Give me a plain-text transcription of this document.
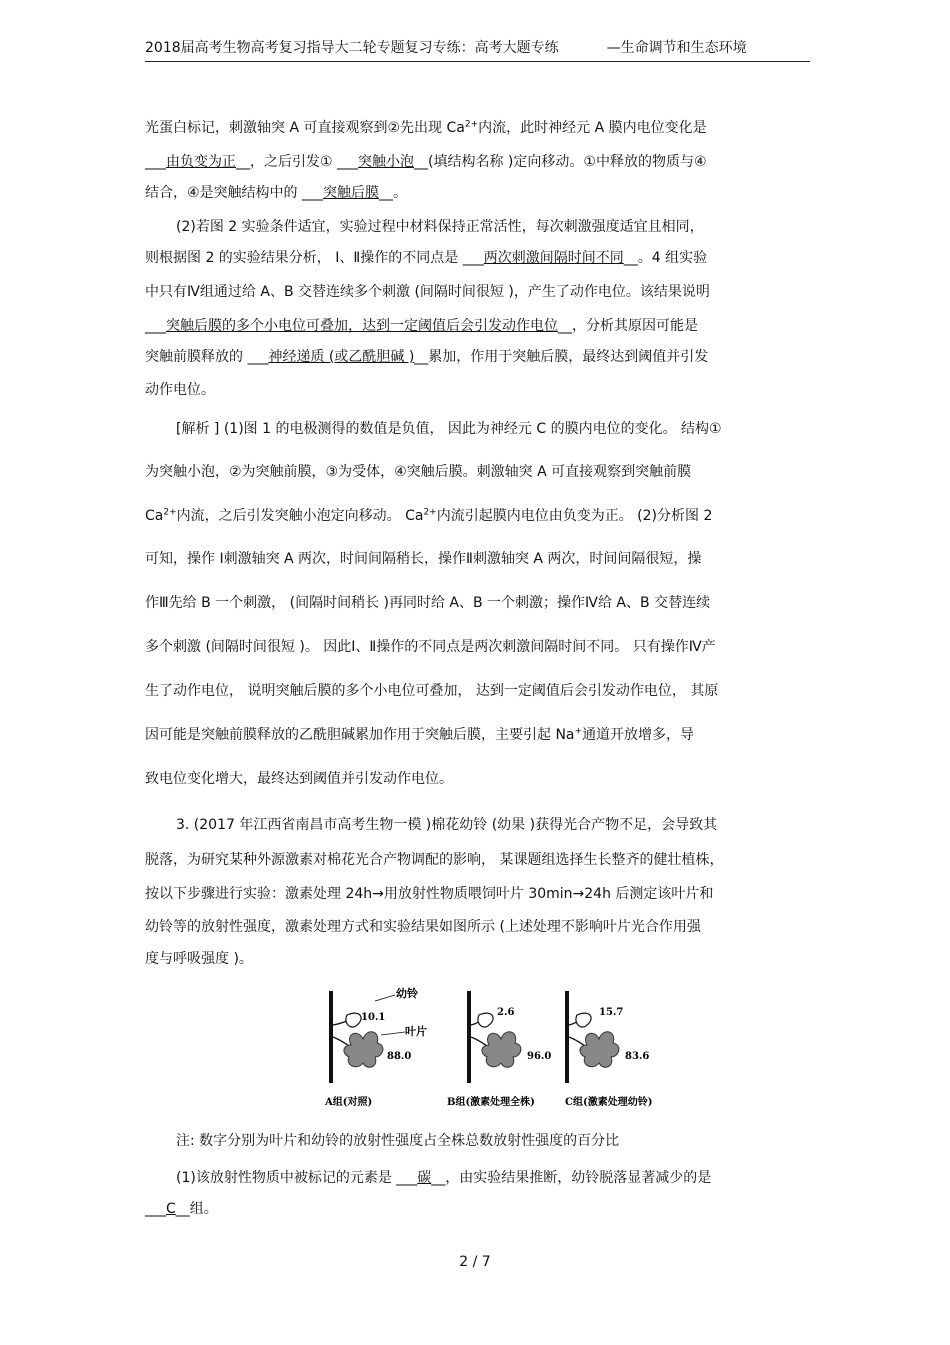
2018届高考生物高考复习指导大二轮专题复习专练：高考大题专练	—生命调节和生态环境
光蛋白标记，刺激轴突 A 可直接观察到②先出现 $Ca^{2+}$内流，此时神经元 A 膜内电位变化是
___由负变为正__，之后引发① ___突触小泡__(填结构名称 )定向移动。①中释放的物质与④
结合，④是突触结构中的 ___突触后膜__。
(2)若图 2 实验条件适宜，实验过程中材料保持正常活性，每次刺激强度适宜且相同，
则根据图 2 的实验结果分析， Ⅰ、Ⅱ操作的不同点是 ___两次刺激间隔时间不同__。4 组实验
中只有Ⅳ组通过给 A、B 交替连续多个刺激 (间隔时间很短 )，产生了动作电位。该结果说明
___突触后膜的多个小电位可叠加，达到一定阈值后会引发动作电位__，分析其原因可能是
突触前膜释放的 ___神经递质 (或乙酰胆碱 )__累加，作用于突触后膜，最终达到阈值并引发
动作电位。
[解析 ] (1)图 1 的电极测得的数值是负值， 因此为神经元 C 的膜内电位的变化。 结构①
为突触小泡，②为突触前膜，③为受体，④突触后膜。刺激轴突 A 可直接观察到突触前膜
$Ca^{2+}$内流，之后引发突触小泡定向移动。 $Ca^{2+}$内流引起膜内电位由负变为正。 (2)分析图 2
可知，操作 Ⅰ刺激轴突 A 两次，时间间隔稍长，操作Ⅱ刺激轴突 A 两次，时间间隔很短，操
作Ⅲ先给 B 一个刺激， (间隔时间稍长 )再同时给 A、B 一个刺激；操作Ⅳ给 A、B 交替连续
多个刺激 (间隔时间很短 )。 因此Ⅰ、Ⅱ操作的不同点是两次刺激间隔时间不同。 只有操作Ⅳ产
生了动作电位， 说明突触后膜的多个小电位可叠加， 达到一定阈值后会引发动作电位， 其原
因可能是突触前膜释放的乙酰胆碱累加作用于突触后膜，主要引起 Na+通道开放增多，导
致电位变化增大，最终达到阈值并引发动作电位。
3. (2017 年江西省南昌市高考生物一模 )棉花幼铃 (幼果 )获得光合产物不足，会导致其
脱落，为研究某种外源激素对棉花光合产物调配的影响， 某课题组选择生长整齐的健壮植株，
按以下步骤进行实验：激素处理 24h→用放射性物质喂饲叶片 30min→24h 后测定该叶片和
幼铃等的放射性强度，激素处理方式和实验结果如图所示 (上述处理不影响叶片光合作用强
度与呼吸强度 )。
幼铃
叶片
10.1
88.0
2.6
96.0
15.7
83.6
A组(对照)	B组(激素处理全株)	C组(激素处理幼铃)
注: 数字分别为叶片和幼铃的放射性强度占全株总数放射性强度的百分比
(1)该放射性物质中被标记的元素是 ___碳__，由实验结果推断，幼铃脱落显著减少的是
___C__组。
2 / 7
